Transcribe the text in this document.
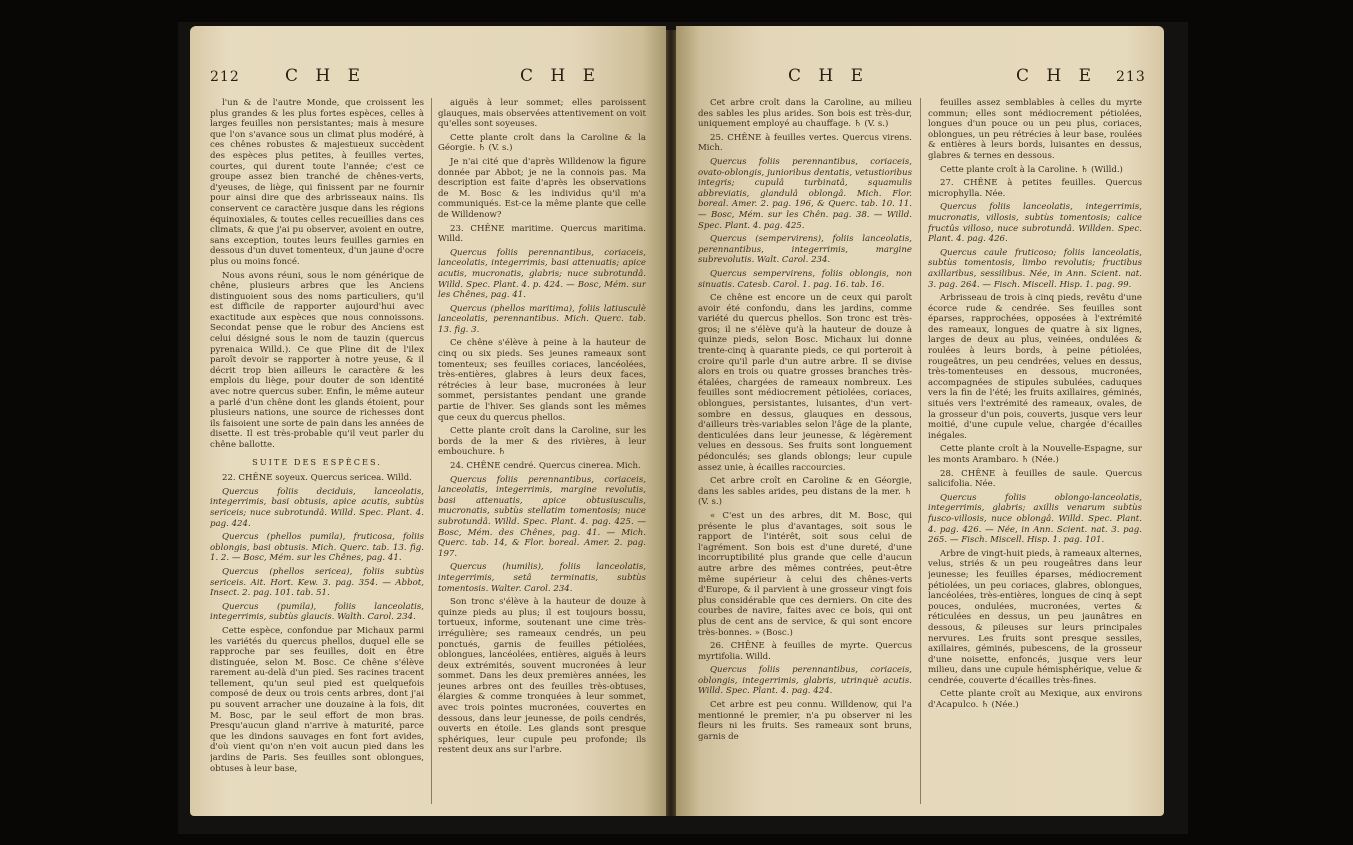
212	C H E	C H E

l'un & de l'autre Monde, que croissent les plus grandes & les plus fortes espèces, celles à larges feuilles non persistantes; mais à mesure que l'on s'avance sous un climat plus modéré, à ces chênes robustes & majestueux succèdent des espèces plus petites, à feuilles vertes, courtes, qui durent toute l'année; c'est ce groupe assez bien tranché de chênes-verts, d'yeuses, de liège, qui finissent par ne fournir pour ainsi dire que des arbrisseaux nains. Ils conservent ce caractère jusque dans les régions équinoxiales, & toutes celles recueillies dans ces climats, & que j'ai pu observer, avoient en outre, sans exception, toutes leurs feuilles garnies en dessous d'un duvet tomenteux, d'un jaune d'ocre plus ou moins foncé.

Nous avons réuni, sous le nom générique de chêne, plusieurs arbres que les Anciens distinguoient sous des noms particuliers, qu'il est difficile de rapporter aujourd'hui avec exactitude aux espèces que nous connoissons. Secondat pense que le robur des Anciens est celui désigné sous le nom de tauzin (quercus pyrenaica Willd.). Ce que Pline dit de l'ilex paroît devoir se rapporter à notre yeuse, & il décrit trop bien ailleurs le caractère & les emplois du liège, pour douter de son identité avec notre quercus suber. Enfin, le même auteur a parlé d'un chêne dont les glands étoient, pour plusieurs nations, une source de richesses dont ils faisoient une sorte de pain dans les années de disette. Il est très-probable qu'il veut parler du chêne ballotte.

SUITE DES ESPÈCES.

22. CHÊNE soyeux. Quercus sericea. Willd.

Quercus foliis deciduis, lanceolatis, integerrimis, basi obtusis, apice acutis, subtùs sericeis; nuce subrotundâ. Willd. Spec. Plant. 4. pag. 424.

Quercus (phellos pumila), fruticosa, foliis oblongis, basi obtusis. Mich. Querc. tab. 13. fig. 1. 2. — Bosc, Mém. sur les Chênes, pag. 41.

Quercus (phellos sericea), foliis subtùs sericeis. Ait. Hort. Kew. 3. pag. 354. — Abbot, Insect. 2. pag. 101. tab. 51.

Quercus (pumila), foliis lanceolatis, integerrimis, subtùs glaucis. Walth. Carol. 234.

Cette espèce, confondue par Michaux parmi les variétés du quercus phellos, duquel elle se rapproche par ses feuilles, doit en être distinguée, selon M. Bosc. Ce chêne s'élève rarement au-delà d'un pied. Ses racines tracent tellement, qu'un seul pied est quelquefois composé de deux ou trois cents arbres, dont j'ai pu souvent arracher une douzaine à la fois, dit M. Bosc, par le seul effort de mon bras. Presqu'aucun gland n'arrive à maturité, parce que les dindons sauvages en font fort avides, d'où vient qu'on n'en voit aucun pied dans les jardins de Paris. Ses feuilles sont oblongues, obtuses à leur base,

aiguës à leur sommet; elles paroissent glauques, mais observées attentivement on voit qu'elles sont soyeuses.

Cette plante croît dans la Caroline & la Géorgie. ♄ (V. s.)

Je n'ai cité que d'après Willdenow la figure donnée par Abbot; je ne la connois pas. Ma description est faite d'après les observations de M. Bosc & les individus qu'il m'a communiqués. Est-ce la même plante que celle de Willdenow?

23. CHÊNE maritime. Quercus maritima. Willd.

Quercus foliis perennantibus, coriaceis, lanceolatis, integerrimis, basi attenuatis; apice acutis, mucronatis, glabris; nuce subrotundâ. Willd. Spec. Plant. 4. p. 424. — Bosc, Mém. sur les Chênes, pag. 41.

Quercus (phellos maritima), foliis latiusculè lanceolatis, perennantibus. Mich. Querc. tab. 13. fig. 3.

Ce chêne s'élève à peine à la hauteur de cinq ou six pieds. Ses jeunes rameaux sont tomenteux; ses feuilles coriaces, lancéolées, très-entières, glabres à leurs deux faces, rétrécies à leur base, mucronées à leur sommet, persistantes pendant une grande partie de l'hiver. Ses glands sont les mêmes que ceux du quercus phellos.

Cette plante croît dans la Caroline, sur les bords de la mer & des rivières, à leur embouchure. ♄

24. CHÊNE cendré. Quercus cinerea. Mich.

Quercus foliis perennantibus, coriaceis, lanceolatis, integerrimis, margine revolutis, basi attenuatis, apice obtusiusculis, mucronatis, subtùs stellatim tomentosis; nuce subrotundâ. Willd. Spec. Plant. 4. pag. 425. — Bosc, Mém. des Chênes, pag. 41. — Mich. Querc. tab. 14, & Flor. boreal. Amer. 2. pag. 197.

Quercus (humilis), foliis lanceolatis, integerrimis, setâ terminatis, subtùs tomentosis. Walter. Carol. 234.

Son tronc s'élève à la hauteur de douze à quinze pieds au plus; il est toujours bossu, tortueux, informe, soutenant une cime très-irrégulière; ses rameaux cendrés, un peu ponctués, garnis de feuilles pétiolées, oblongues, lancéolées, entières, aiguës à leurs deux extrémités, souvent mucronées à leur sommet. Dans les deux premières années, les jeunes arbres ont des feuilles très-obtuses, élargies & comme tronquées à leur sommet, avec trois pointes mucronées, couvertes en dessous, dans leur jeunesse, de poils cendrés, ouverts en étoile. Les glands sont presque sphériques, leur cupule peu profonde; ils restent deux ans sur l'arbre.

C H E	C H E 213

Cet arbre croît dans la Caroline, au milieu des sables les plus arides. Son bois est très-dur, uniquement employé au chauffage. ♄ (V. s.)

25. CHÊNE à feuilles vertes. Quercus virens. Mich.

Quercus foliis perennantibus, coriaceis, ovato-oblongis, junioribus dentatis, vetustioribus integris; cupulâ turbinatâ, squamulis abbreviatis, glandulâ oblongâ. Mich. Flor. boreal. Amer. 2. pag. 196, & Querc. tab. 10. 11. — Bosc, Mém. sur les Chên. pag. 38. — Willd. Spec. Plant. 4. pag. 425.

Quercus (sempervirens), foliis lanceolatis, perennantibus, integerrimis, margine subrevolutis. Walt. Carol. 234.

Quercus sempervirens, foliis oblongis, non sinuatis. Catesb. Carol. 1. pag. 16. tab. 16.

Ce chêne est encore un de ceux qui paroît avoir été confondu, dans les jardins, comme variété du quercus phellos. Son tronc est très-gros; il ne s'élève qu'à la hauteur de douze à quinze pieds, selon Bosc. Michaux lui donne trente-cinq à quarante pieds, ce qui porteroit à croire qu'il parle d'un autre arbre. Il se divise alors en trois ou quatre grosses branches très-étalées, chargées de rameaux nombreux. Les feuilles sont médiocrement pétiolées, coriaces, oblongues, persistantes, luisantes, d'un vert-sombre en dessus, glauques en dessous, d'ailleurs très-variables selon l'âge de la plante, denticulées dans leur jeunesse, & légèrement velues en dessous. Ses fruits sont longuement pédonculés; ses glands oblongs; leur cupule assez unie, à écailles raccourcies.

Cet arbre croît en Caroline & en Géorgie, dans les sables arides, peu distans de la mer. ♄ (V. s.)

« C'est un des arbres, dit M. Bosc, qui présente le plus d'avantages, soit sous le rapport de l'intérêt, soit sous celui de l'agrément. Son bois est d'une dureté, d'une incorruptibilité plus grande que celle d'aucun autre arbre des mêmes contrées, peut-être même supérieur à celui des chênes-verts d'Europe, & il parvient à une grosseur vingt fois plus considérable que ces derniers. On cite des courbes de navire, faites avec ce bois, qui ont plus de cent ans de service, & qui sont encore très-bonnes. » (Bosc.)

26. CHÊNE à feuilles de myrte. Quercus myrtifolia. Willd.

Quercus foliis perennantibus, coriaceis, oblongis, integerrimis, glabris, utrinquè acutis. Willd. Spec. Plant. 4. pag. 424.

Cet arbre est peu connu. Willdenow, qui l'a mentionné le premier, n'a pu observer ni les fleurs ni les fruits. Ses rameaux sont bruns, garnis de

feuilles assez semblables à celles du myrte commun; elles sont médiocrement pétiolées, longues d'un pouce ou un peu plus, coriaces, oblongues, un peu rétrécies à leur base, roulées & entières à leurs bords, luisantes en dessus, glabres & ternes en dessous.

Cette plante croît à la Caroline. ♄ (Willd.)

27. CHÊNE à petites feuilles. Quercus microphylla. Née.

Quercus foliis lanceolatis, integerrimis, mucronatis, villosis, subtùs tomentosis; calice fructûs villoso, nuce subrotundâ. Willden. Spec. Plant. 4. pag. 426.

Quercus caule fruticoso; foliis lanceolatis, subtùs tomentosis, limbo revolutis; fructibus axillaribus, sessilibus. Née, in Ann. Scient. nat. 3. pag. 264. — Fisch. Miscell. Hisp. 1. pag. 99.

Arbrisseau de trois à cinq pieds, revêtu d'une écorce rude & cendrée. Ses feuilles sont éparses, rapprochées, opposées à l'extrémité des rameaux, longues de quatre à six lignes, larges de deux au plus, veinées, ondulées & roulées à leurs bords, à peine pétiolées, rougeâtres, un peu cendrées, velues en dessus, très-tomenteuses en dessous, mucronées, accompagnées de stipules subulées, caduques vers la fin de l'été; les fruits axillaires, géminés, situés vers l'extrémité des rameaux, ovales, de la grosseur d'un pois, couverts, jusque vers leur moitié, d'une cupule velue, chargée d'écailles inégales.

Cette plante croît à la Nouvelle-Espagne, sur les monts Arambaro. ♄ (Née.)

28. CHÊNE à feuilles de saule. Quercus salicifolia. Née.

Quercus foliis oblongo-lanceolatis, integerrimis, glabris; axillis venarum subtùs fusco-villosis, nuce oblongâ. Willd. Spec. Plant. 4. pag. 426. — Née, in Ann. Scient. nat. 3. pag. 265. — Fisch. Miscell. Hisp. 1. pag. 101.

Arbre de vingt-huit pieds, à rameaux alternes, velus, striés & un peu rougeâtres dans leur jeunesse; les feuilles éparses, médiocrement pétiolées, un peu coriaces, glabres, oblongues, lancéolées, très-entières, longues de cinq à sept pouces, ondulées, mucronées, vertes & réticulées en dessus, un peu jaunâtres en dessous, & pileuses sur leurs principales nervures. Les fruits sont presque sessiles, axillaires, géminés, pubescens, de la grosseur d'une noisette, enfoncés, jusque vers leur milieu, dans une cupule hémisphérique, velue & cendrée, couverte d'écailles très-fines.

Cette plante croît au Mexique, aux environs d'Acapulco. ♄ (Née.)
